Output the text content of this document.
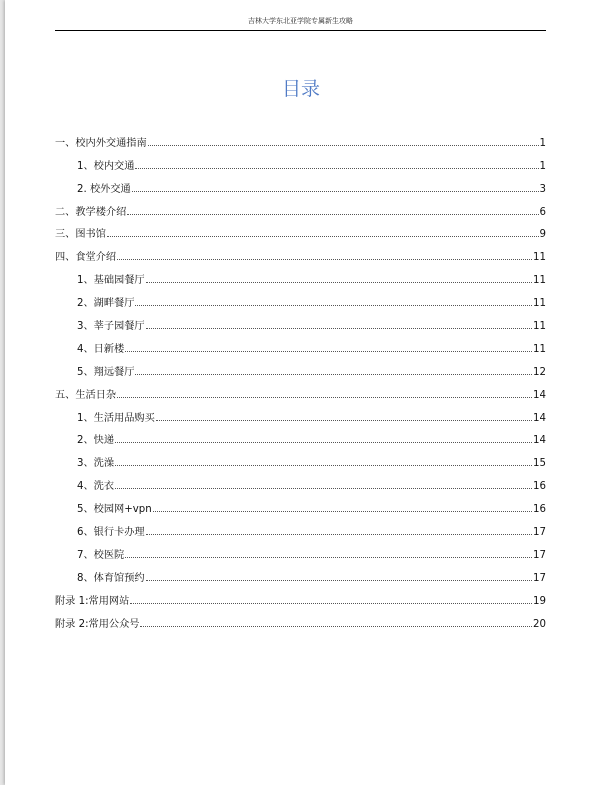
吉林大学东北亚学院专属新生攻略
目录
一、校内外交通指南	1
1、校内交通	1
2. 校外交通	3
二、教学楼介绍	6
三、图书馆	9
四、食堂介绍	11
1、基础园餐厅	11
2、湖畔餐厅	11
3、莘子园餐厅	11
4、日新楼	11
5、翔远餐厅	12
五、生活日杂	14
1、生活用品购买	14
2、快递	14
3、洗澡	15
4、洗衣	16
5、校园网+vpn	16
6、银行卡办理	17
7、校医院	17
8、体育馆预约	17
附录 1:常用网站	19
附录 2:常用公众号	20
